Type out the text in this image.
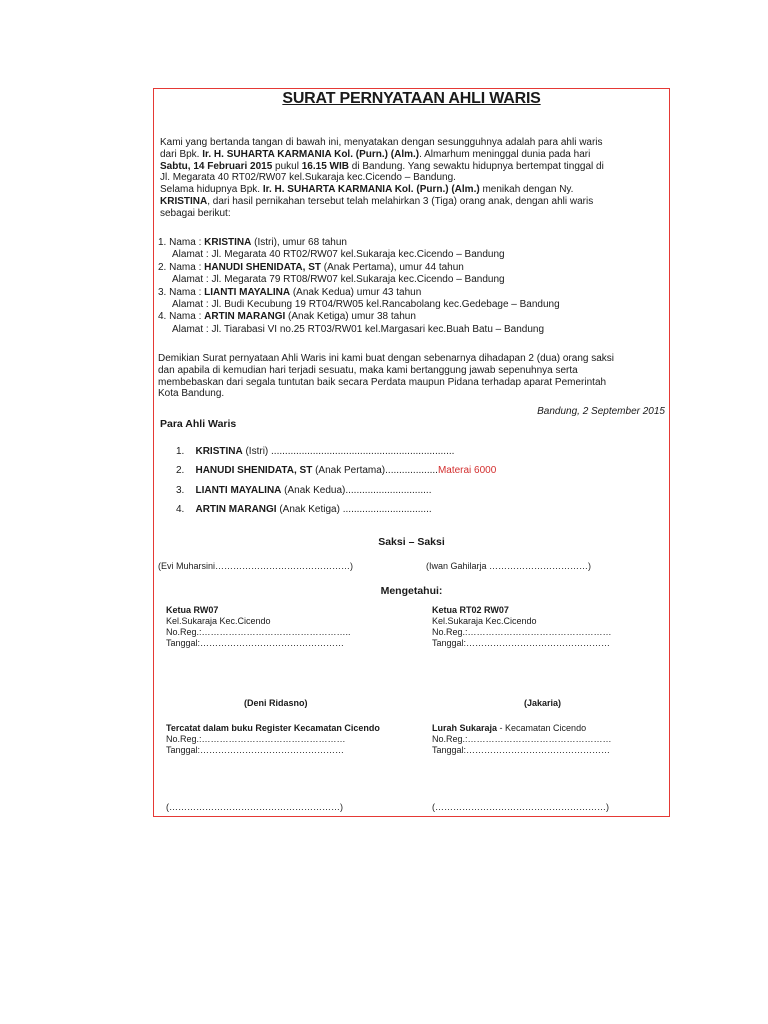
SURAT PERNYATAAN AHLI WARIS
Kami yang bertanda tangan di bawah ini, menyatakan dengan sesungguhnya adalah para ahli waris
dari Bpk. Ir. H. SUHARTA KARMANIA Kol. (Purn.) (Alm.). Almarhum meninggal dunia pada hari
Sabtu, 14 Februari 2015 pukul 16.15 WIB di Bandung. Yang sewaktu hidupnya bertempat tinggal di
Jl. Megarata 40 RT02/RW07 kel.Sukaraja kec.Cicendo – Bandung.
Selama hidupnya Bpk. Ir. H. SUHARTA KARMANIA Kol. (Purn.) (Alm.) menikah dengan Ny.
KRISTINA, dari hasil pernikahan tersebut telah melahirkan 3 (Tiga) orang anak, dengan ahli waris
sebagai berikut:
1. Nama : KRISTINA (Istri), umur 68 tahun
Alamat : Jl. Megarata 40 RT02/RW07 kel.Sukaraja kec.Cicendo – Bandung
2. Nama : HANUDI SHENIDATA, ST (Anak Pertama), umur 44 tahun
Alamat : Jl. Megarata 79 RT08/RW07 kel.Sukaraja kec.Cicendo – Bandung
3. Nama : LIANTI MAYALINA (Anak Kedua) umur 43 tahun
Alamat : Jl. Budi Kecubung 19 RT04/RW05 kel.Rancabolang kec.Gedebage – Bandung
4. Nama : ARTIN MARANGI (Anak Ketiga) umur 38 tahun
Alamat : Jl. Tiarabasi VI no.25 RT03/RW01 kel.Margasari kec.Buah Batu – Bandung
Demikian Surat pernyataan Ahli Waris ini kami buat dengan sebenarnya dihadapan 2 (dua) orang saksi
dan apabila di kemudian hari terjadi sesuatu, maka kami bertanggung jawab sepenuhnya serta
membebaskan dari segala tuntutan baik secara Perdata maupun Pidana terhadap aparat Pemerintah
Kota Bandung.
Bandung, 2 September 2015
Para Ahli Waris
1. KRISTINA (Istri) ..................................................................
2. HANUDI SHENIDATA, ST (Anak Pertama)...................Materai 6000
3. LIANTI MAYALINA (Anak Kedua)...............................
4. ARTIN MARANGI (Anak Ketiga) ................................
Saksi – Saksi
(Evi Muharsini………………………………………)	(Iwan Gahilarja ……………………………)
Mengetahui:
Ketua RW07
Kel.Sukaraja Kec.Cicendo
No.Reg.:…………………………………………..
Tanggal:…………………………………………
Ketua RT02 RW07
Kel.Sukaraja Kec.Cicendo
No.Reg.:…………………………………………
Tanggal:…………………………………………
(Deni Ridasno)	(Jakaria)
Tercatat dalam buku Register Kecamatan Cicendo
No.Reg.:…………………………………………
Tanggal:…………………………………………
Lurah Sukaraja - Kecamatan Cicendo
No.Reg.:…………………………………………
Tanggal:…………………………………………
(…………………………………………………)	(…………………………………………………)
